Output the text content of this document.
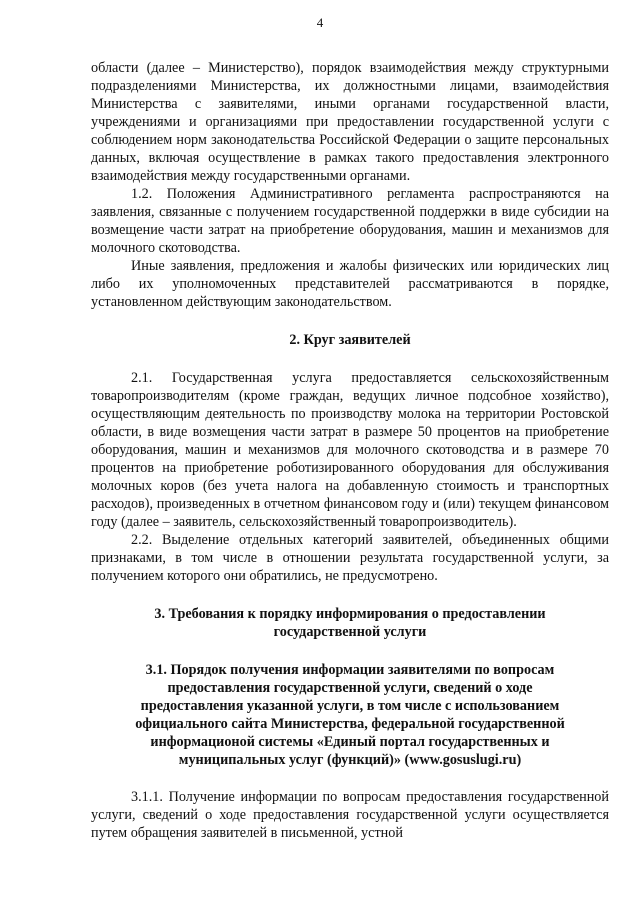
4

области (далее – Министерство), порядок взаимодействия между структурными подразделениями Министерства, их должностными лицами, взаимодействия Министерства с заявителями, иными органами государственной власти, учреждениями и организациями при предоставлении государственной услуги с соблюдением норм законодательства Российской Федерации о защите персональных данных, включая осуществление в рамках такого предоставления электронного взаимодействия между государственными органами.

1.2. Положения Административного регламента распространяются на заявления, связанные с получением государственной поддержки в виде субсидии на возмещение части затрат на приобретение оборудования, машин и механизмов для молочного скотоводства.

Иные заявления, предложения и жалобы физических или юридических лиц либо их уполномоченных представителей рассматриваются в порядке, установленном действующим законодательством.

2. Круг заявителей

2.1. Государственная услуга предоставляется сельскохозяйственным товаропроизводителям (кроме граждан, ведущих личное подсобное хозяйство), осуществляющим деятельность по производству молока на территории Ростовской области, в виде возмещения части затрат в размере 50 процентов на приобретение оборудования, машин и механизмов для молочного скотоводства и в размере 70 процентов на приобретение роботизированного оборудования для обслуживания молочных коров (без учета налога на добавленную стоимость и транспортных расходов), произведенных в отчетном финансовом году и (или) текущем финансовом году (далее – заявитель, сельскохозяйственный товаропроизводитель).

2.2. Выделение отдельных категорий заявителей, объединенных общими признаками, в том числе в отношении результата государственной услуги, за получением которого они обратились, не предусмотрено.

3. Требования к порядку информирования о предоставлении государственной услуги

3.1. Порядок получения информации заявителями по вопросам предоставления государственной услуги, сведений о ходе предоставления указанной услуги, в том числе с использованием официального сайта Министерства, федеральной государственной информационой системы «Единый портал государственных и муниципальных услуг (функций)» (www.gosuslugi.ru)

3.1.1. Получение информации по вопросам предоставления государственной услуги, сведений о ходе предоставления государственной услуги осуществляется путем обращения заявителей в письменной, устной
